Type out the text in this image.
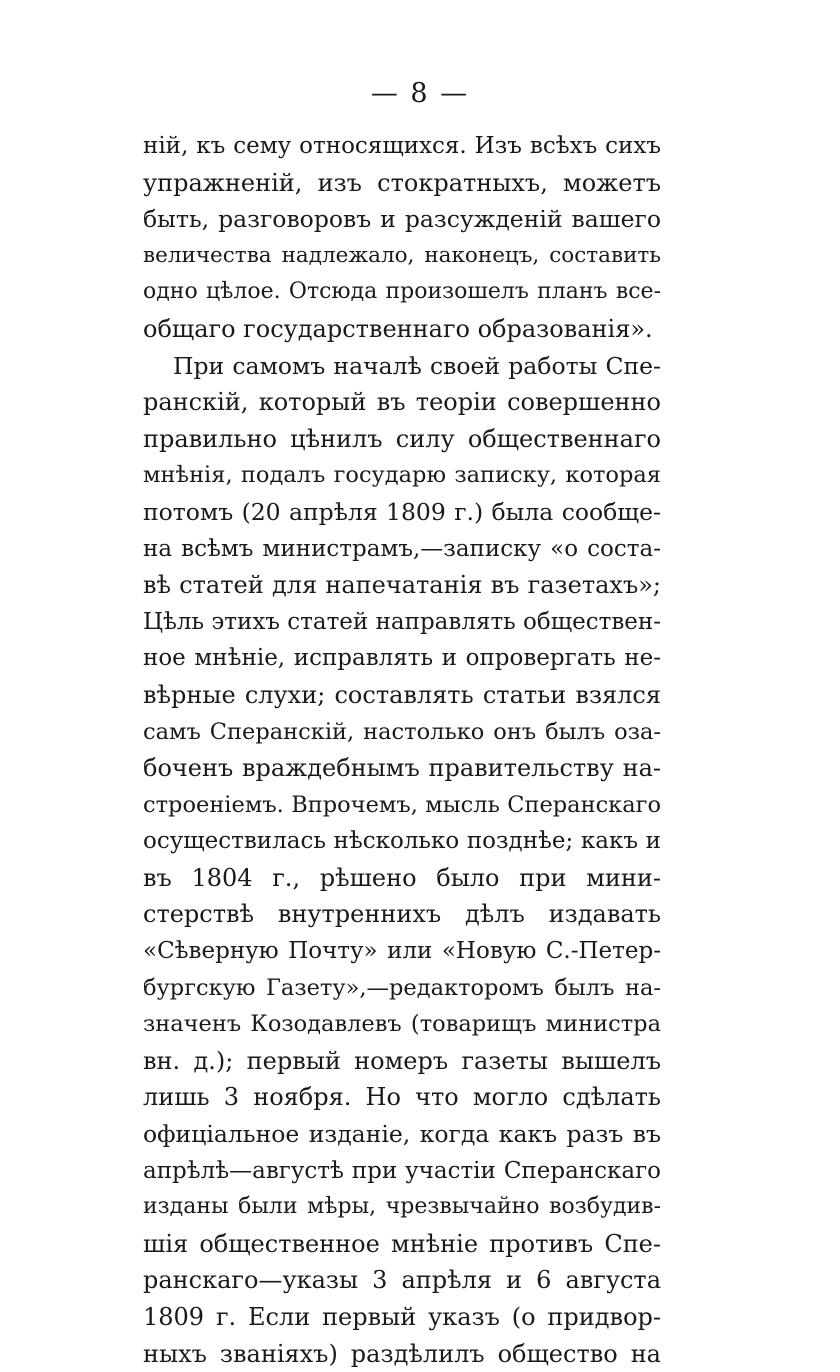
— 8 —
ній, къ сему относящихся. Изъ всѣхъ сихъ
упражненій, изъ стократныхъ, можетъ
быть, разговоровъ и разсужденій вашего
величества надлежало, наконецъ, составить
одно цѣлое. Отсюда произошелъ планъ все-
общаго государственнаго образованія».
При самомъ началѣ своей работы Спе-
ранскій, который въ теоріи совершенно
правильно цѣнилъ силу общественнаго
мнѣнія, подалъ государю записку, которая
потомъ (20 апрѣля 1809 г.) была сообще-
на всѣмъ министрамъ,—записку «о соста-
вѣ статей для напечатанія въ газетахъ»;
Цѣль этихъ статей направлять обществен-
ное мнѣніе, исправлять и опровергать не-
вѣрные слухи; составлять статьи взялся
самъ Сперанскій, настолько онъ былъ оза-
боченъ враждебнымъ правительству на-
строеніемъ. Впрочемъ, мысль Сперанскаго
осуществилась нѣсколько позднѣе; какъ и
въ 1804 г., рѣшено было при мини-
стерствѣ внутреннихъ дѣлъ издавать
«Сѣверную Почту» или «Новую С.-Петер-
бургскую Газету»,—редакторомъ былъ на-
значенъ Козодавлевъ (товарищъ министра
вн. д.); первый номеръ газеты вышелъ
лишь 3 ноября. Но что могло сдѣлать
офиціальное изданіе, когда какъ разъ въ
апрѣлѣ—августѣ при участіи Сперанскаго
изданы были мѣры, чрезвычайно возбудив-
шія общественное мнѣніе противъ Спе-
ранскаго—указы 3 апрѣля и 6 августа
1809 г. Если первый указъ (о придвор-
ныхъ званіяхъ) раздѣлилъ общество на
